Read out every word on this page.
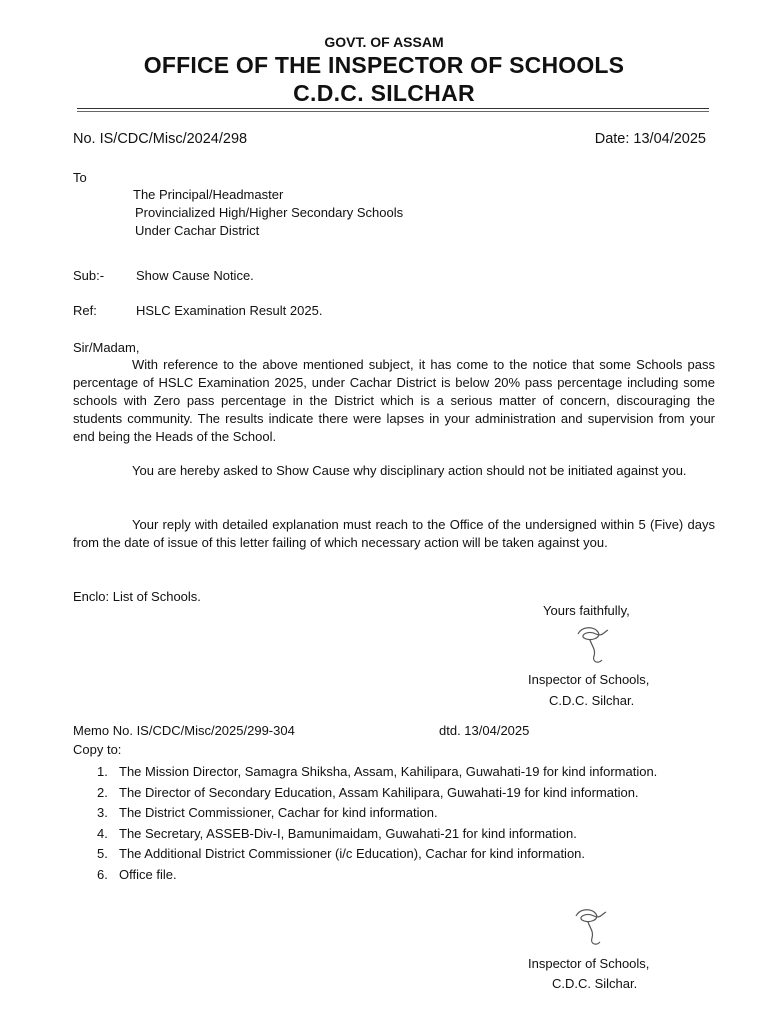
GOVT. OF ASSAM
OFFICE OF THE INSPECTOR OF SCHOOLS
C.D.C. SILCHAR
No. IS/CDC/Misc/2024/298	Date: 13/04/2025
To
The Principal/Headmaster
Provincialized High/Higher Secondary Schools
Under Cachar District
Sub:- Show Cause Notice.
Ref:	HSLC Examination Result 2025.
Sir/Madam,
With reference to the above mentioned subject, it has come to the notice that some Schools pass percentage of HSLC Examination 2025, under Cachar District is below 20% pass percentage including some schools with Zero pass percentage in the District which is a serious matter of concern, discouraging the students community. The results indicate there were lapses in your administration and supervision from your end being the Heads of the School.
You are hereby asked to Show Cause why disciplinary action should not be initiated against you.
Your reply with detailed explanation must reach to the Office of the undersigned within 5 (Five) days from the date of issue of this letter failing of which necessary action will be taken against you.
Enclo: List of Schools.
Yours faithfully,
Inspector of Schools,
C.D.C. Silchar.
Memo No. IS/CDC/Misc/2025/299-304	dtd. 13/04/2025
Copy to:
1. The Mission Director, Samagra Shiksha, Assam, Kahilipara, Guwahati-19 for kind information.
2. The Director of Secondary Education, Assam Kahilipara, Guwahati-19 for kind information.
3. The District Commissioner, Cachar for kind information.
4. The Secretary, ASSEB-Div-I, Bamunimaidam, Guwahati-21 for kind information.
5. The Additional District Commissioner (i/c Education), Cachar for kind information.
6. Office file.
Inspector of Schools,
C.D.C. Silchar.
